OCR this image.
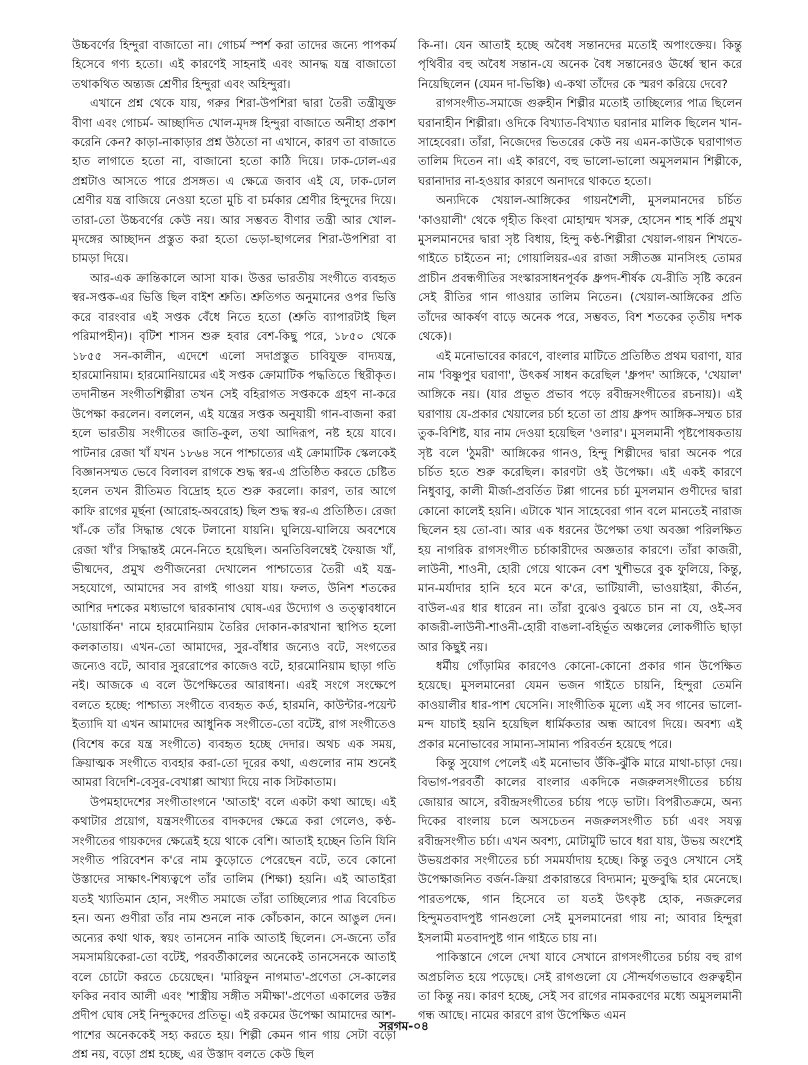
উচ্চবর্ণের হিন্দুরা বাজাতো না। গোচর্ম স্পর্শ করা তাদের জন্যে পাপকর্ম হিসেবে গণ্য হতো। এই কারণেই সাহনাই এবং আনদ্ধ যন্ত্র বাজাতো তথাকথিত অন্ত্যজ শ্রেণীর হিন্দুরা এবং অহিন্দুরা।

এখানে প্রশ্ন থেকে যায়, গরুর শিরা-উপশিরা দ্বারা তৈরী তন্ত্রীযুক্ত বীণা এবং গোচর্ম- আচ্ছাদিত খোল-মৃদঙ্গ হিন্দুরা বাজাতে অনীহা প্রকাশ করেনি কেন? কাড়া-নাকাড়ার প্রশ্ন উঠতো না এখানে, কারণ তা বাজাতে হাত লাগাতে হতো না, বাজানো হতো কাঠি দিয়ে। ঢাক-ঢোল-এর প্রশ্নটাও আসতে পারে প্রসঙ্গত। এ ক্ষেত্রে জবাব এই যে, ঢাক-ঢোল শ্রেণীর যন্ত্র বাজিয়ে নেওয়া হতো মুচি বা চর্মকার শ্রেণীর হিন্দুদের দিয়ে। তারা-তো উচ্চবর্ণের কেউ নয়। আর সম্ভবত বীণার তন্ত্রী আর খোল-মৃদঙ্গের আচ্ছাদন প্রস্তুত করা হতো ভেড়া-ছাগলের শিরা-উপশিরা বা চামড়া দিয়ে।

আর-এক ক্রান্তিকালে আসা যাক। উত্তর ভারতীয় সংগীতে ব্যবহৃত স্বর-সপ্তক-এর ভিত্তি ছিল বাইশ শ্রুতি। শ্রুতিগত অনুমানের ওপর ভিত্তি করে বারংবার এই সপ্তক বেঁধে নিতে হতো (শ্রুতি ব্যাপারটাই ছিল পরিমাপহীন)। বৃটিশ শাসন শুরু হবার বেশ-কিছু পরে, ১৮৫০ থেকে ১৮৫৫ সন-কালীন, এদেশে এলো সদাপ্রস্তুত চাবিযুক্ত বাদ্যযন্ত্র, হারমোনিয়াম। হারমোনিয়ামের এই সপ্তক ক্রোমাটিক পদ্ধতিতে স্থিরীকৃত। তদানীন্তন সংগীতশিল্পীরা তখন সেই বহিরাগত সপ্তককে গ্রহণ না-করে উপেক্ষা করলেন। বললেন, এই যন্ত্রের সপ্তক অনুযায়ী গান-বাজনা করা হলে ভারতীয় সংগীতের জাতি-কুল, তথা আদিরূপ, নষ্ট হয়ে যাবে। পাটনার রেজা খাঁ যখন ১৮৬৪ সনে পাশ্চাত্যের এই ক্রোমাটিক স্কেলকেই বিজ্ঞানসম্মত ভেবে বিলাবল রাগকে শুদ্ধ স্বর-এ প্রতিষ্ঠিত করতে চেষ্টিত হলেন তখন রীতিমত বিদ্রোহ হতে শুরু করলো। কারণ, তার আগে কাফি রাগের মূর্ছনা (আরোহ-অবরোহ) ছিল শুদ্ধ স্বর-এ প্রতিষ্ঠিত। রেজা খাঁ-কে তাঁর সিদ্ধান্ত থেকে টলানো যায়নি। ঘুলিয়ে-ঘালিয়ে অবশেষে রেজা খাঁ'র সিদ্ধান্তই মেনে-নিতে হয়েছিল। অনতিবিলম্বেই ফৈয়াজ খাঁ, ভীষ্মদেব, প্রমুখ গুণীজনেরা দেখালেন পাশ্চাত্যের তৈরী এই যন্ত্র-সহযোগে, আমাদের সব রাগই গাওয়া যায়। ফলত, উনিশ শতকের আশির দশকের মধ্যভাগে দ্বারকানাথ ঘোষ-এর উদ্যোগ ও তত্ত্বাবধানে 'ডোয়ার্কিন' নামে হারমোনিয়াম তৈরির দোকান-কারখানা স্থাপিত হলো কলকাতায়। এখন-তো আমাদের, সুর-বাঁধার জন্যেও বটে, সংগতের জন্যেও বটে, আবার সুররোপের কাজেও বটে, হারমোনিয়াম ছাড়া গতি নই। আজকে এ বলে উপেক্ষিতের আরাধনা। এরই সংগে সংক্ষেপে বলতে হচ্ছে: পাশ্চাত্য সংগীতে ব্যবহৃত কর্ড, হারমনি, কাউন্টার-পয়েন্ট ইত্যাদি যা এখন আমাদের আধুনিক সংগীতে-তো বটেই, রাগ সংগীতেও (বিশেষ করে যন্ত্র সংগীতে) ব্যবহৃত হচ্ছে দেদার। অথচ এক সময়, ক্রিয়াত্মক সংগীতে ব্যবহার করা-তো দূরের কথা, এগুলোর নাম শুনেই আমরা বিদেশি-বেসুর-বেখাপ্পা আখ্যা দিয়ে নাক সিটকাতাম।

উপমহাদেশের সংগীতাংগনে 'আতাই' বলে একটা কথা আছে। এই কথাটার প্রয়োগ, যন্ত্রসংগীতের বাদকদের ক্ষেত্রে করা গেলেও, কণ্ঠ-সংগীতের গায়কদের ক্ষেত্রেই হয়ে থাকে বেশি। আতাই হচ্ছেন তিনি যিনি সংগীত পরিবেশন ক'রে নাম কুড়োতে পেরেছেন বটে, তবে কোনো উস্তাদের সাক্ষাৎ-শিষ্যত্বপে তাঁর তালিম (শিক্ষা) হয়নি। এই আতাইরা যতই খ্যাতিমান হোন, সংগীত সমাজে তাঁরা তাচ্ছিল্যের পাত্র বিবেচিত হন। অন্য গুণীরা তাঁর নাম শুনলে নাক কোঁচকান, কানে আঙুল দেন। অন্যের কথা থাক, স্বয়ং তানসেন নাকি আতাই ছিলেন। সে-জন্যে তাঁর সমসাময়িকেরা-তো বটেই, পরবর্তীকালের অনেকেই তানসেনকে আতাই বলে চোটো করতে চেয়েছেন। 'মারিফুন নাগমাত'-প্রণেতা সে-কালের ফকির নবাব আলী এবং 'শাস্ত্রীয় সঙ্গীত সমীক্ষা'-প্রণেতা একালের ডক্টর প্রদীপ ঘোষ সেই নিন্দুকদের প্রতিভূ। এই রকমের উপেক্ষা আমাদের আশ-পাশের অনেককেই সহ্য করতে হয়। শিল্পী কেমন গান গায় সেটা বড়ো প্রশ্ন নয়, বড়ো প্রশ্ন হচ্ছে, এর উস্তাদ বলতে কেউ ছিল

কি-না। যেন আতাই হচ্ছে অবৈধ সন্তানদের মতোই অপাংক্তেয়। কিন্তু পৃথিবীর বহু অবৈধ সন্তান-যে অনেক বৈধ সন্তানেরও ঊর্ধ্বে স্থান করে নিয়েছিলেন (যেমন দা-ভিঞ্চি) এ-কথা তাঁদের কে স্মরণ করিয়ে দেবে?

রাগসংগীত-সমাজে গুরুহীন শিল্পীর মতোই তাচ্ছিল্যের পাত্র ছিলেন ঘরানাহীন শিল্পীরা। ওদিকে বিখ্যাত-বিখ্যাত ঘরানার মালিক ছিলেন খান-সাহেবেরা। তাঁরা, নিজেদের ভিতরের কেউ নয় এমন-কাউকে ঘরাণাগত তালিম দিতেন না। এই কারণে, বহু ভালো-ভালো অমুসলমান শিল্পীকে, ঘরানাদার না-হওয়ার কারণে অনাদরে থাকতে হতো।

অন্যদিকে খেয়াল-আঙ্গিকের গায়নশৈলী, মুসলমানদের চর্চিত 'কাওয়ালী' থেকে গৃহীত কিংবা মোহাম্মদ খসরু, হোসেন শাহ শর্কি প্রমুখ মুসলমানদের দ্বারা সৃষ্ট বিধায়, হিন্দু কণ্ঠ-শিল্পীরা খেয়াল-গায়ন শিখতে-গাইতে চাইতেন না; গোয়ালিয়র-এর রাজা সঙ্গীতজ্ঞ মানসিংহ তোমর প্রাচীন প্রবন্ধগীতির সংস্কারসাধনপূর্বক ধ্রুপদ-শীর্ষক যে-রীতি সৃষ্টি করেন সেই রীতির গান গাওয়ার তালিম নিতেন। (খেয়াল-আঙ্গিকের প্রতি তাঁদের আকর্ষণ বাড়ে অনেক পরে, সম্ভবত, বিশ শতকের তৃতীয় দশক থেকে)।

এই মনোভাবের কারণে, বাংলার মাটিতে প্রতিষ্ঠিত প্রথম ঘরাণা, যার নাম 'বিষ্ণুপুর ঘরাণা', উৎকর্ষ সাধন করেছিল 'ধ্রুপদ' আঙ্গিকে, 'খেয়াল' আঙ্গিকে নয়। (যার প্রভূত প্রভাব পড়ে রবীন্দ্রসংগীতের রচনায়)। এই ঘরাণায় যে-প্রকার খেয়ালের চর্চা হতো তা প্রায় ধ্রুপদ আঙ্গিক-সম্মত চার তুক-বিশিষ্ট, যার নাম দেওয়া হয়েছিল 'ওলার'। মুসলমানী পৃষ্টপোষকতায় সৃষ্ট বলে 'ঠুমরী' আঙ্গিকের গানও, হিন্দু শিল্পীদের দ্বারা অনেক পরে চর্চিত হতে শুরু করেছিল। কারণটা ওই উপেক্ষা। এই একই কারণে নিধুবাবু, কালী মীর্জা-প্রবর্তিত টপ্পা গানের চর্চা মুসলমান গুণীদের দ্বারা কোনো কালেই হয়নি। এটাকে খান সাহেবেরা গান বলে মানতেই নারাজ ছিলেন হয় তো-বা। আর এক ধরনের উপেক্ষা তথা অবজ্ঞা পরিলক্ষিত হয় নাগরিক রাগসংগীত চর্চাকারীদের অজ্ঞতার কারণে। তাঁরা কাজরী, লাউনী, শাওনী, হোরী গেয়ে থাকেন বেশ খুশীভরে বুক ফুলিয়ে, কিন্তু, মান-মর্যাদার হানি হবে মনে ক'রে, ভাটিয়ালী, ভাওয়াইয়া, কীর্তন, বাউল-এর ধার ধারেন না। তাঁরা বুঝেও বুঝতে চান না যে, ওই-সব কাজরী-লাউনী-শাওনী-হোরী বাঙলা-বহির্ভূত অঞ্চলের লোকগীতি ছাড়া আর কিছুই নয়।

ধর্মীয় গোঁড়ামির কারণেও কোনো-কোনো প্রকার গান উপেক্ষিত হয়েছে। মুসলমানেরা যেমন ভজন গাইতে চায়নি, হিন্দুরা তেমনি কাওয়ালীর ধার-পাশ ঘেসেনি। সাংগীতিক মূল্যে এই সব গানের ভালো-মন্দ যাচাই হয়নি হয়েছিল ধার্মিকতার অন্ধ আবেগ দিয়ে। অবশ্য এই প্রকার মনোভাবের সামান্য-সামান্য পরিবর্তন হয়েছে পরে।

কিন্তু সুযোগ পেলেই এই মনোভাব উঁকি-ঝুঁকি মারে মাথা-চাড়া দেয়। বিভাগ-পরবর্তী কালের বাংলার একদিকে নজরুলসংগীতের চর্চায় জোয়ার আসে, রবীন্দ্রসংগীতের চর্চায় পড়ে ভাটা। বিপরীতক্রমে, অন্য দিকের বাংলায় চলে অসচেতন নজরুলসংগীত চর্চা এবং সযত্ন রবীন্দ্রসংগীত চর্চা। এখন অবশ্য, মোটামুটি ভাবে ধরা যায়, উভয় অংশেই উভয়প্রকার সংগীতের চর্চা সমমর্যাদায় হচ্ছে। কিন্তু তবুও সেখানে সেই উপেক্ষাজনিত বর্জন-ক্রিয়া প্রকারান্তরে বিদ্যমান; মুক্তবুদ্ধি হার মেনেছে। পারতপক্ষে, গান হিসেবে তা যতই উৎকৃষ্ট হোক, নজরুলের হিন্দুমতবাদপুষ্ট গানগুলো সেই মুসলমানেরা গায় না; আবার হিন্দুরা ইসলামী মতবাদপুষ্ট গান গাইতে চায় না।

পাকিস্তানে গেলে দেখা যাবে সেখানে রাগসংগীতের চর্চায় বহু রাগ অপ্রচলিত হয়ে পড়েছে। সেই রাগগুলো যে সৌন্দর্যগতভাবে গুরুত্বহীন তা কিন্তু নয়। কারণ হচ্ছে, সেই সব রাগের নামকরণের মধ্যে অমুসলমানী গন্ধ আছে। নামের কারণে রাগ উপেক্ষিত এমন

সরগম-০৪
